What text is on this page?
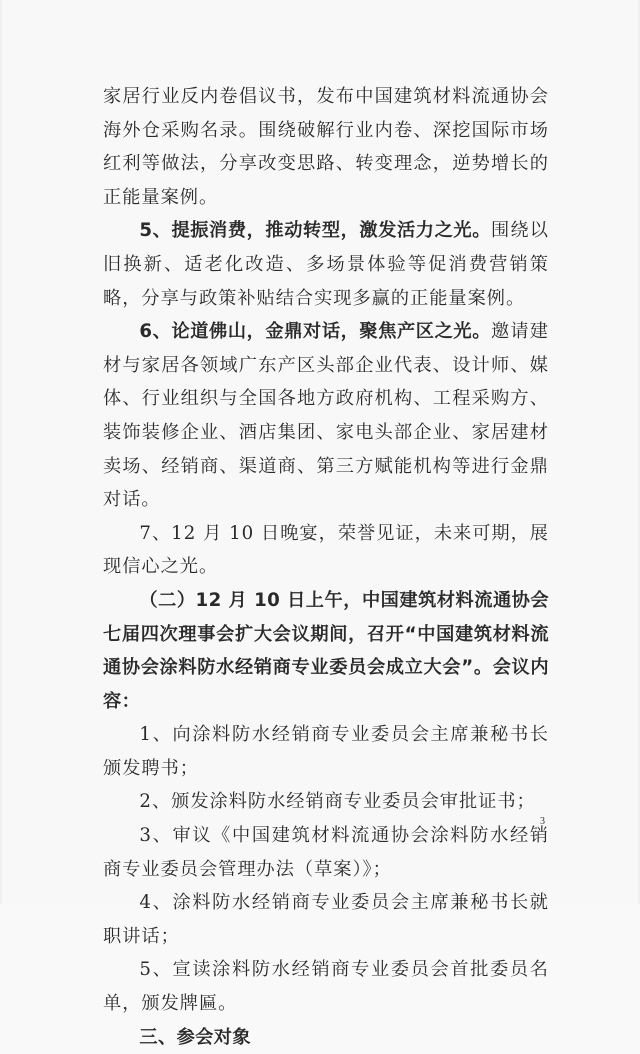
家居行业反内卷倡议书，发布中国建筑材料流通协会海外仓采购名录。围绕破解行业内卷、深挖国际市场红利等做法，分享改变思路、转变理念，逆势增长的正能量案例。

5、提振消费，推动转型，激发活力之光。围绕以旧换新、适老化改造、多场景体验等促消费营销策略，分享与政策补贴结合实现多赢的正能量案例。

6、论道佛山，金鼎对话，聚焦产区之光。邀请建材与家居各领域广东产区头部企业代表、设计师、媒体、行业组织与全国各地方政府机构、工程采购方、装饰装修企业、酒店集团、家电头部企业、家居建材卖场、经销商、渠道商、第三方赋能机构等进行金鼎对话。

7、12 月 10 日晚宴，荣誉见证，未来可期，展现信心之光。

（二）12 月 10 日上午，中国建筑材料流通协会七届四次理事会扩大会议期间，召开“中国建筑材料流通协会涂料防水经销商专业委员会成立大会”。会议内容：

1、向涂料防水经销商专业委员会主席兼秘书长颁发聘书；

2、颁发涂料防水经销商专业委员会审批证书；

3、审议《中国建筑材料流通协会涂料防水经销商专业委员会管理办法（草案）》；

4、涂料防水经销商专业委员会主席兼秘书长就职讲话；

5、宣读涂料防水经销商专业委员会首批委员名单，颁发牌匾。

三、参会对象

3
